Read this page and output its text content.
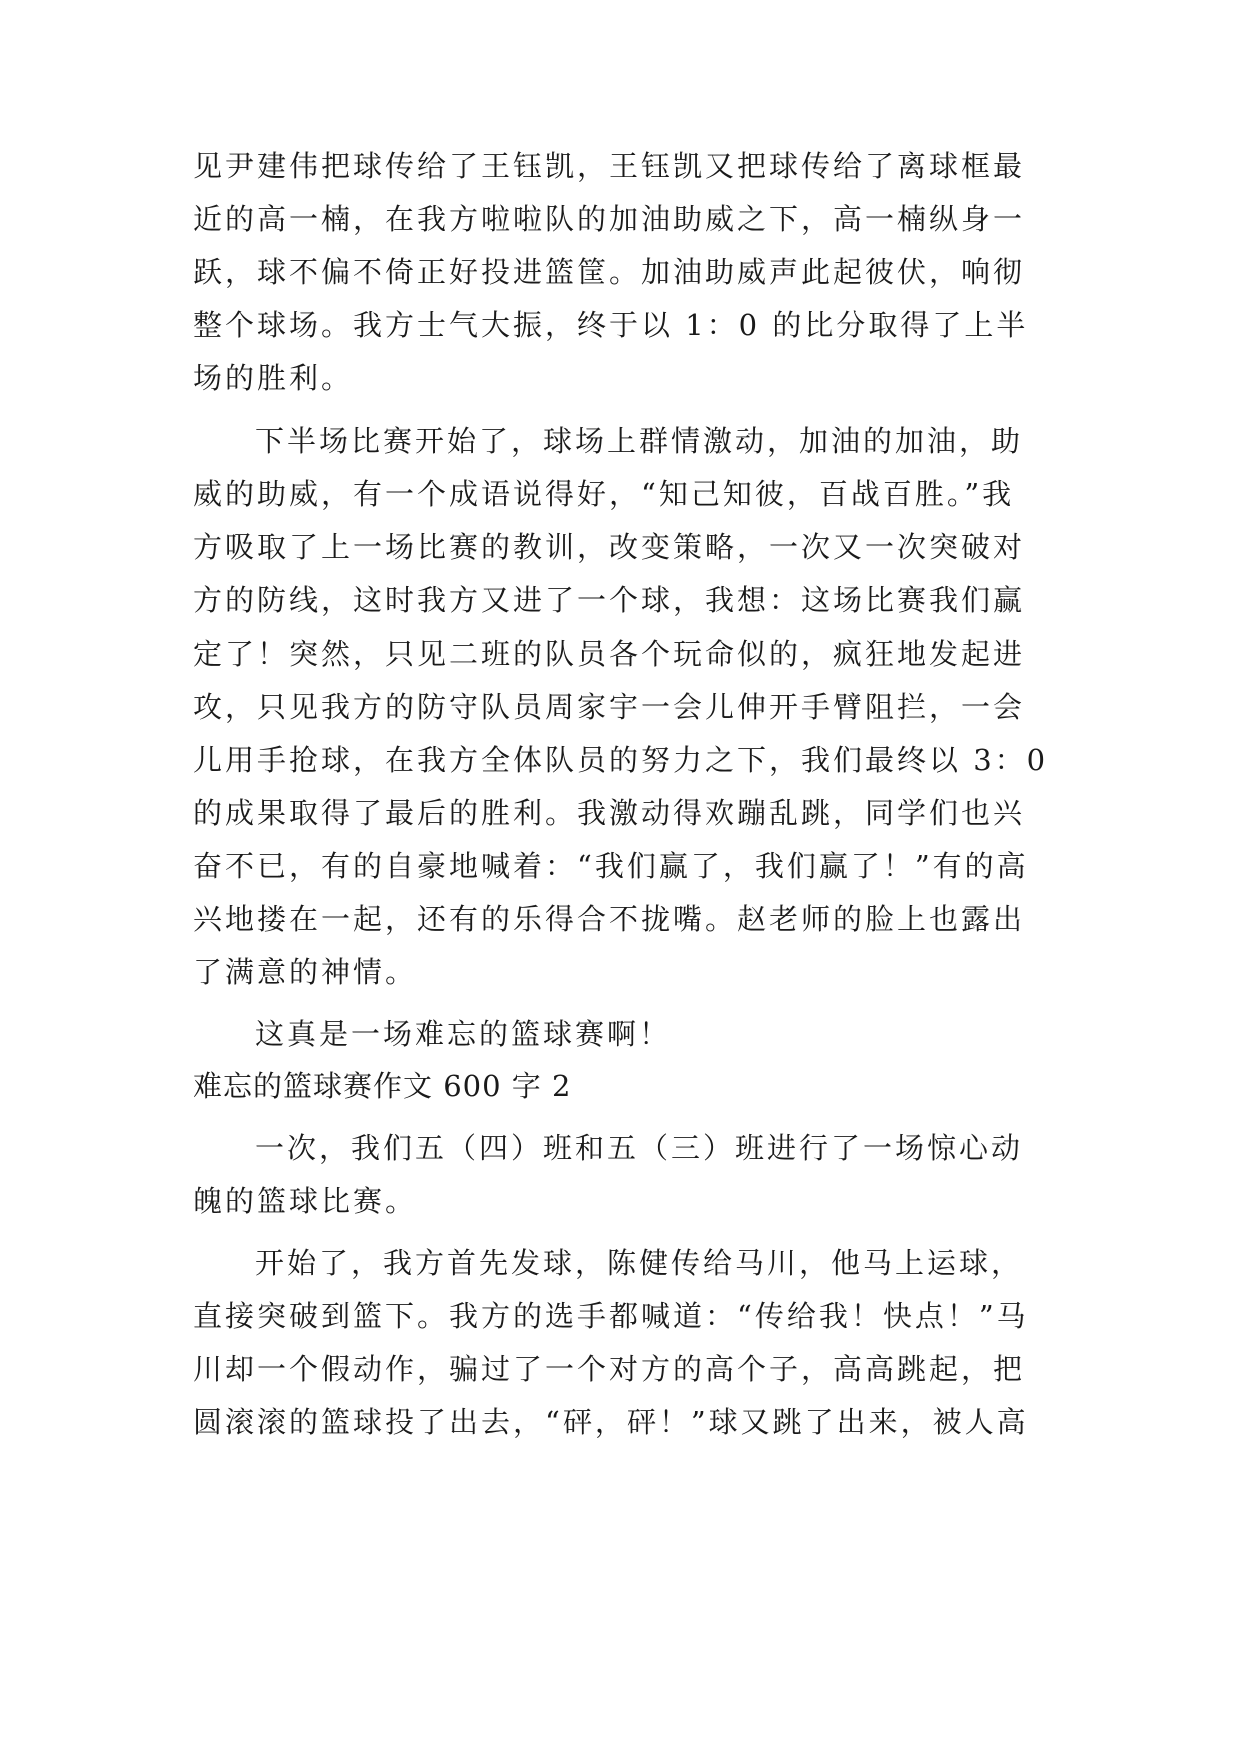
见尹建伟把球传给了王钰凯，王钰凯又把球传给了离球框最
近的高一楠，在我方啦啦队的加油助威之下，高一楠纵身一
跃，球不偏不倚正好投进篮筐。加油助威声此起彼伏，响彻
整个球场。我方士气大振，终于以 1：0 的比分取得了上半
场的胜利。
下半场比赛开始了，球场上群情激动，加油的加油，助
威的助威，有一个成语说得好，“知己知彼，百战百胜。”我
方吸取了上一场比赛的教训，改变策略，一次又一次突破对
方的防线，这时我方又进了一个球，我想：这场比赛我们赢
定了！突然，只见二班的队员各个玩命似的，疯狂地发起进
攻，只见我方的防守队员周家宇一会儿伸开手臂阻拦，一会
儿用手抢球，在我方全体队员的努力之下，我们最终以 3：0
的成果取得了最后的胜利。我激动得欢蹦乱跳，同学们也兴
奋不已，有的自豪地喊着：“我们赢了，我们赢了！”有的高
兴地搂在一起，还有的乐得合不拢嘴。赵老师的脸上也露出
了满意的神情。
这真是一场难忘的篮球赛啊！
难忘的篮球赛作文 600 字 2
一次，我们五（四）班和五（三）班进行了一场惊心动
魄的篮球比赛。
开始了，我方首先发球，陈健传给马川，他马上运球，
直接突破到篮下。我方的选手都喊道：“传给我！快点！”马
川却一个假动作，骗过了一个对方的高个子，高高跳起，把
圆滚滚的篮球投了出去，“砰，砰！”球又跳了出来，被人高
